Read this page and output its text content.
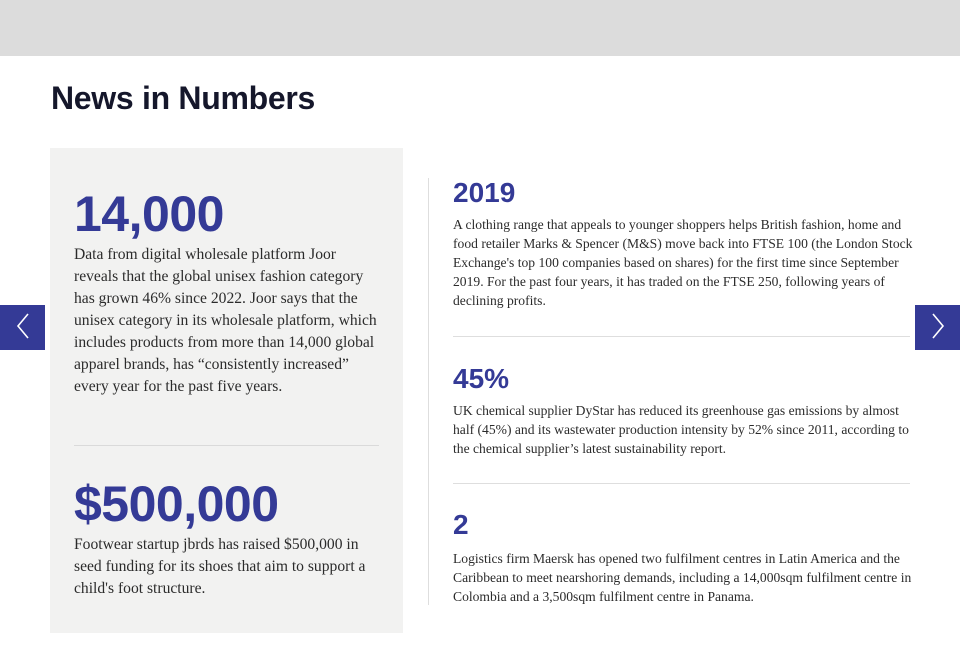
News in Numbers
14,000

Data from digital wholesale platform Joor reveals that the global unisex fashion category has grown 46% since 2022. Joor says that the unisex category in its wholesale platform, which includes products from more than 14,000 global apparel brands, has “consistently increased” every year for the past five years.

$500,000

Footwear startup jbrds has raised $500,000 in seed funding for its shoes that aim to support a child's foot structure.

2019

A clothing range that appeals to younger shoppers helps British fashion, home and food retailer Marks & Spencer (M&S) move back into FTSE 100 (the London Stock Exchange's top 100 companies based on shares) for the first time since September 2019. For the past four years, it has traded on the FTSE 250, following years of declining profits.

45%

UK chemical supplier DyStar has reduced its greenhouse gas emissions by almost half (45%) and its wastewater production intensity by 52% since 2011, according to the chemical supplier’s latest sustainability report.

2

Logistics firm Maersk has opened two fulfilment centres in Latin America and the Caribbean to meet nearshoring demands, including a 14,000sqm fulfilment centre in Colombia and a 3,500sqm fulfilment centre in Panama.
